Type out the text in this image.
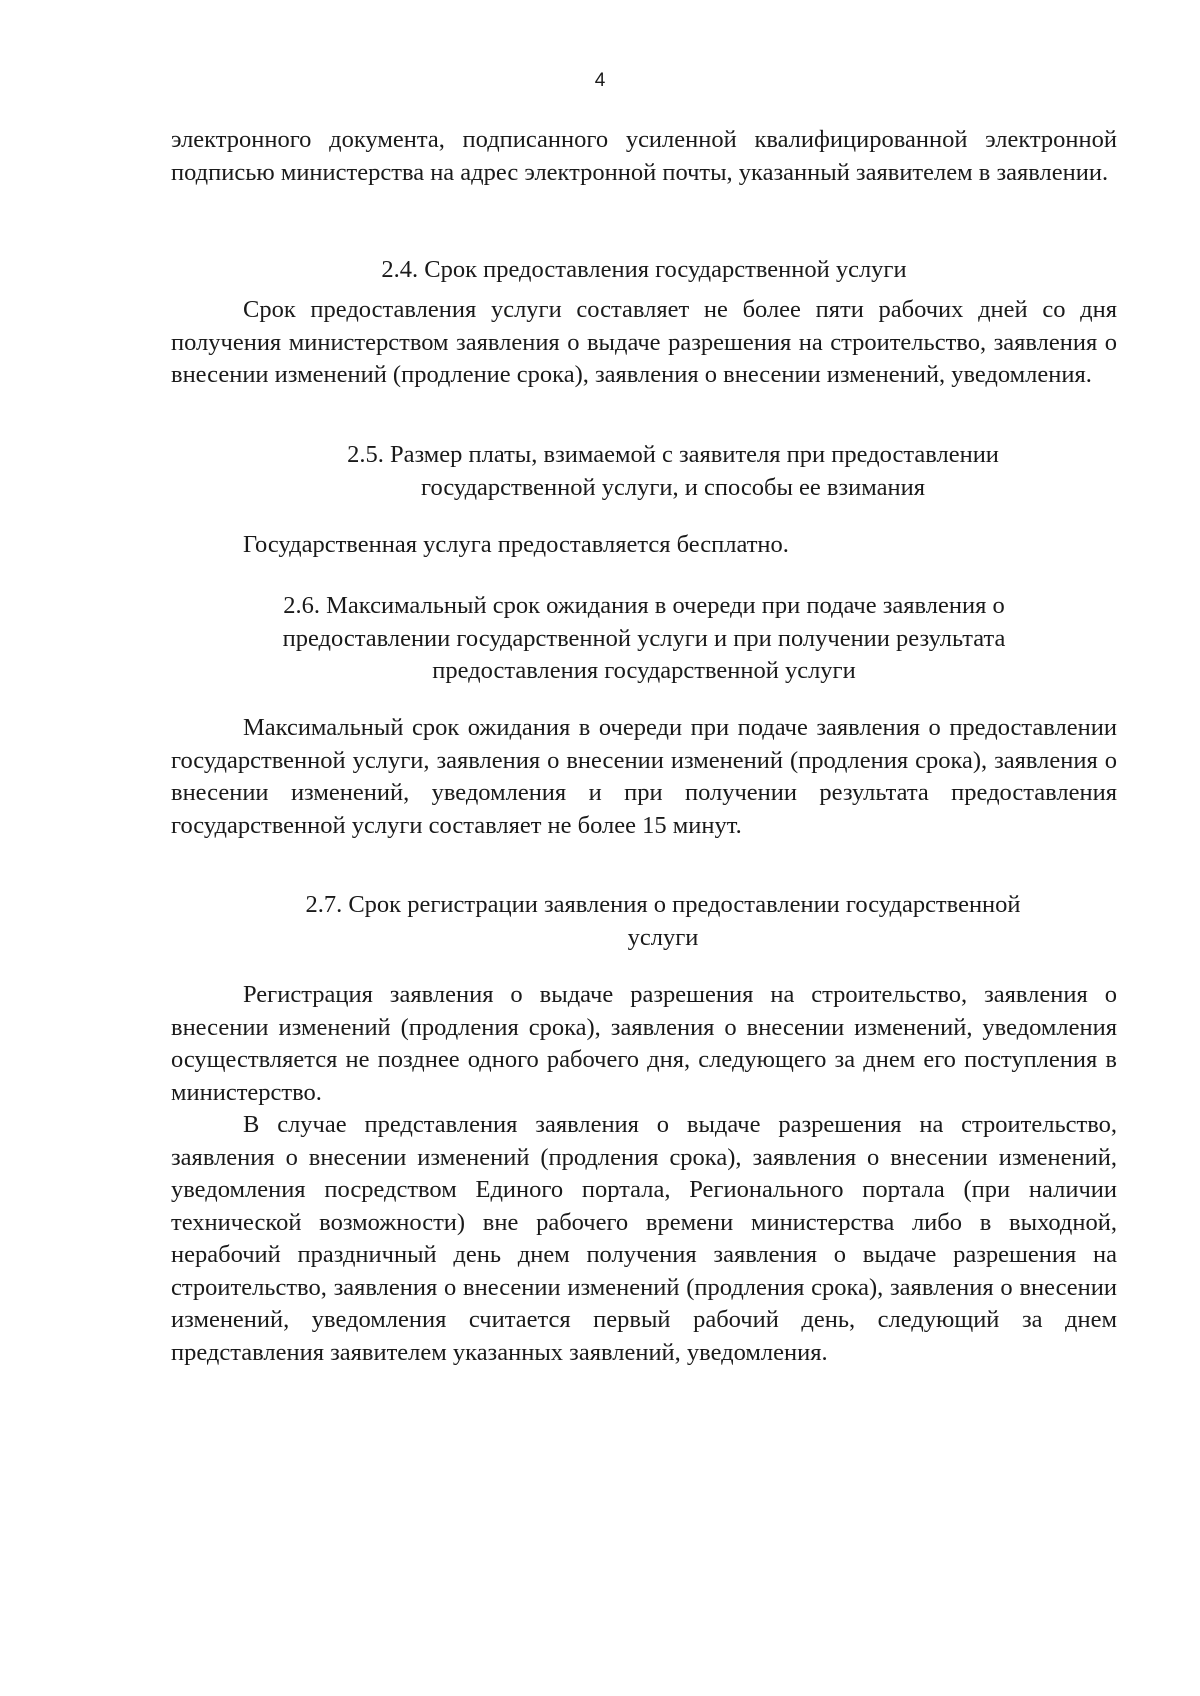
4

электронного документа, подписанного усиленной квалифицированной электронной подписью министерства на адрес электронной почты, указанный заявителем в заявлении.

2.4. Срок предоставления государственной услуги

Срок предоставления услуги составляет не более пяти рабочих дней со дня получения министерством заявления о выдаче разрешения на строительство, заявления о внесении изменений (продление срока), заявления о внесении изменений, уведомления.

2.5. Размер платы, взимаемой с заявителя при предоставлении
государственной услуги, и способы ее взимания

Государственная услуга предоставляется бесплатно.

2.6. Максимальный срок ожидания в очереди при подаче заявления о
предоставлении государственной услуги и при получении результата
предоставления государственной услуги

Максимальный срок ожидания в очереди при подаче заявления о предоставлении государственной услуги, заявления о внесении изменений (продления срока), заявления о внесении изменений, уведомления и при получении результата предоставления государственной услуги составляет не более 15 минут.

2.7. Срок регистрации заявления о предоставлении государственной
услуги

Регистрация заявления о выдаче разрешения на строительство, заявления о внесении изменений (продления срока), заявления о внесении изменений, уведомления осуществляется не позднее одного рабочего дня, следующего за днем его поступления в министерство.

В случае представления заявления о выдаче разрешения на строительство, заявления о внесении изменений (продления срока), заявления о внесении изменений, уведомления посредством Единого портала, Регионального портала (при наличии технической возможности) вне рабочего времени министерства либо в выходной, нерабочий праздничный день днем получения заявления о выдаче разрешения на строительство, заявления о внесении изменений (продления срока), заявления о внесении изменений, уведомления считается первый рабочий день, следующий за днем представления заявителем указанных заявлений, уведомления.
